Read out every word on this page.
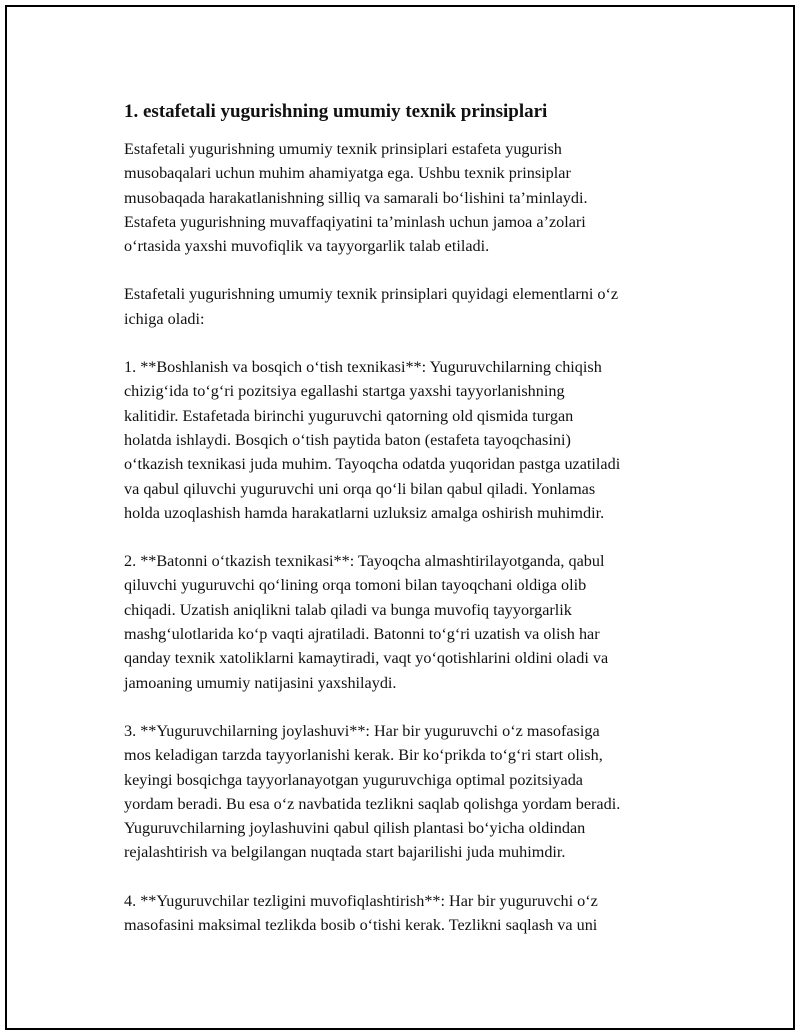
1. estafetali yugurishning umumiy texnik prinsiplari

Estafetali yugurishning umumiy texnik prinsiplari estafeta yugurish
musobaqalari uchun muhim ahamiyatga ega. Ushbu texnik prinsiplar
musobaqada harakatlanishning silliq va samarali bo‘lishini ta’minlaydi.
Estafeta yugurishning muvaffaqiyatini ta’minlash uchun jamoa a’zolari
o‘rtasida yaxshi muvofiqlik va tayyorgarlik talab etiladi.

Estafetali yugurishning umumiy texnik prinsiplari quyidagi elementlarni o‘z
ichiga oladi:

1. **Boshlanish va bosqich o‘tish texnikasi**: Yuguruvchilarning chiqish
chizig‘ida to‘g‘ri pozitsiya egallashi startga yaxshi tayyorlanishning
kalitidir. Estafetada birinchi yuguruvchi qatorning old qismida turgan
holatda ishlaydi. Bosqich o‘tish paytida baton (estafeta tayoqchasini)
o‘tkazish texnikasi juda muhim. Tayoqcha odatda yuqoridan pastga uzatiladi
va qabul qiluvchi yuguruvchi uni orqa qo‘li bilan qabul qiladi. Yonlamas
holda uzoqlashish hamda harakatlarni uzluksiz amalga oshirish muhimdir.

2. **Batonni o‘tkazish texnikasi**: Tayoqcha almashtirilayotganda, qabul
qiluvchi yuguruvchi qo‘lining orqa tomoni bilan tayoqchani oldiga olib
chiqadi. Uzatish aniqlikni talab qiladi va bunga muvofiq tayyorgarlik
mashg‘ulotlarida ko‘p vaqti ajratiladi. Batonni to‘g‘ri uzatish va olish har
qanday texnik xatoliklarni kamaytiradi, vaqt yo‘qotishlarini oldini oladi va
jamoaning umumiy natijasini yaxshilaydi.

3. **Yuguruvchilarning joylashuvi**: Har bir yuguruvchi o‘z masofasiga
mos keladigan tarzda tayyorlanishi kerak. Bir ko‘prikda to‘g‘ri start olish,
keyingi bosqichga tayyorlanayotgan yuguruvchiga optimal pozitsiyada
yordam beradi. Bu esa o‘z navbatida tezlikni saqlab qolishga yordam beradi.
Yuguruvchilarning joylashuvini qabul qilish plantasi bo‘yicha oldindan
rejalashtirish va belgilangan nuqtada start bajarilishi juda muhimdir.

4. **Yuguruvchilar tezligini muvofiqlashtirish**: Har bir yuguruvchi o‘z
masofasini maksimal tezlikda bosib o‘tishi kerak. Tezlikni saqlash va uni
